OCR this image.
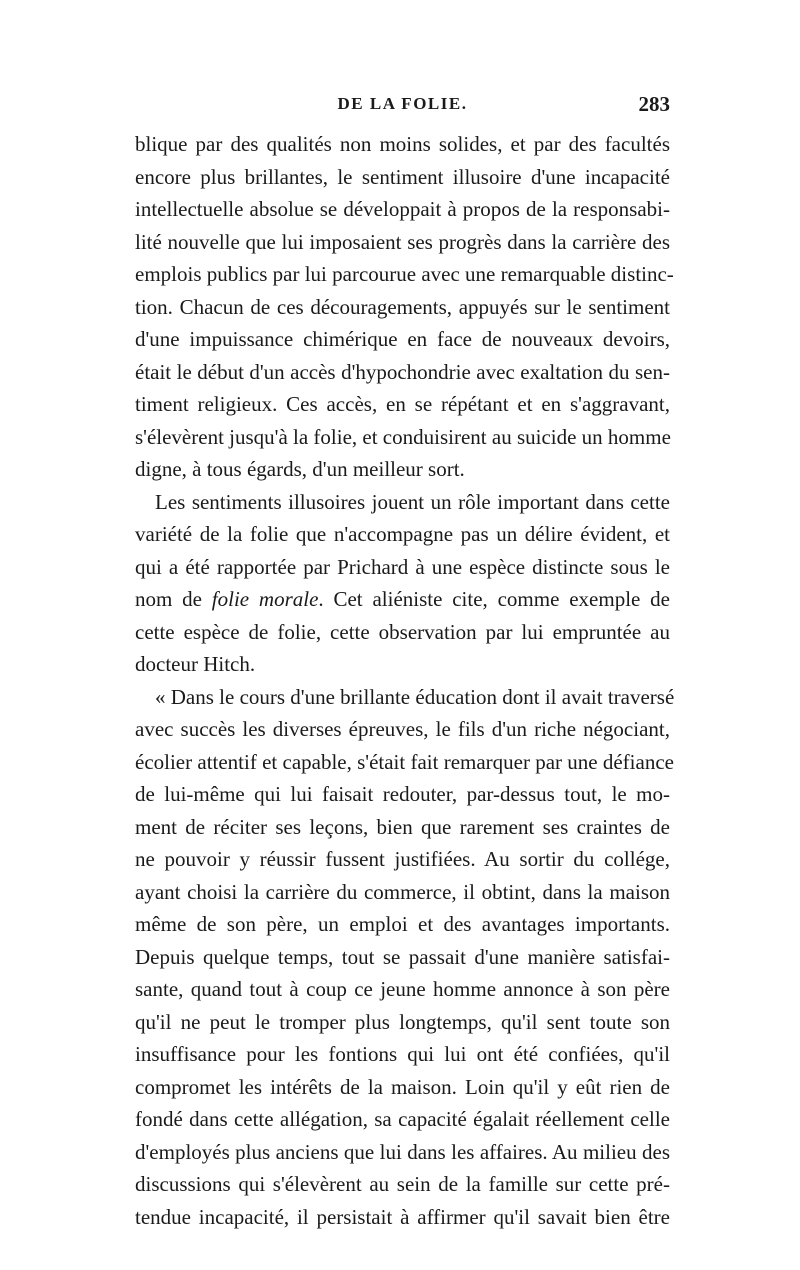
DE LA FOLIE.	283
blique par des qualités non moins solides, et par des facultés
encore plus brillantes, le sentiment illusoire d'une incapacité
intellectuelle absolue se développait à propos de la responsabi-
lité nouvelle que lui imposaient ses progrès dans la carrière des
emplois publics par lui parcourue avec une remarquable distinc-
tion. Chacun de ces découragements, appuyés sur le sentiment
d'une impuissance chimérique en face de nouveaux devoirs,
était le début d'un accès d'hypochondrie avec exaltation du sen-
timent religieux. Ces accès, en se répétant et en s'aggravant,
s'élevèrent jusqu'à la folie, et conduisirent au suicide un homme
digne, à tous égards, d'un meilleur sort.
Les sentiments illusoires jouent un rôle important dans cette
variété de la folie que n'accompagne pas un délire évident, et
qui a été rapportée par Prichard à une espèce distincte sous le
nom de folie morale. Cet aliéniste cite, comme exemple de
cette espèce de folie, cette observation par lui empruntée au
docteur Hitch.
« Dans le cours d'une brillante éducation dont il avait traversé
avec succès les diverses épreuves, le fils d'un riche négociant,
écolier attentif et capable, s'était fait remarquer par une défiance
de lui-même qui lui faisait redouter, par-dessus tout, le mo-
ment de réciter ses leçons, bien que rarement ses craintes de
ne pouvoir y réussir fussent justifiées. Au sortir du collége,
ayant choisi la carrière du commerce, il obtint, dans la maison
même de son père, un emploi et des avantages importants.
Depuis quelque temps, tout se passait d'une manière satisfai-
sante, quand tout à coup ce jeune homme annonce à son père
qu'il ne peut le tromper plus longtemps, qu'il sent toute son
insuffisance pour les fontions qui lui ont été confiées, qu'il
compromet les intérêts de la maison. Loin qu'il y eût rien de
fondé dans cette allégation, sa capacité égalait réellement celle
d'employés plus anciens que lui dans les affaires. Au milieu des
discussions qui s'élevèrent au sein de la famille sur cette pré-
tendue incapacité, il persistait à affirmer qu'il savait bien être
